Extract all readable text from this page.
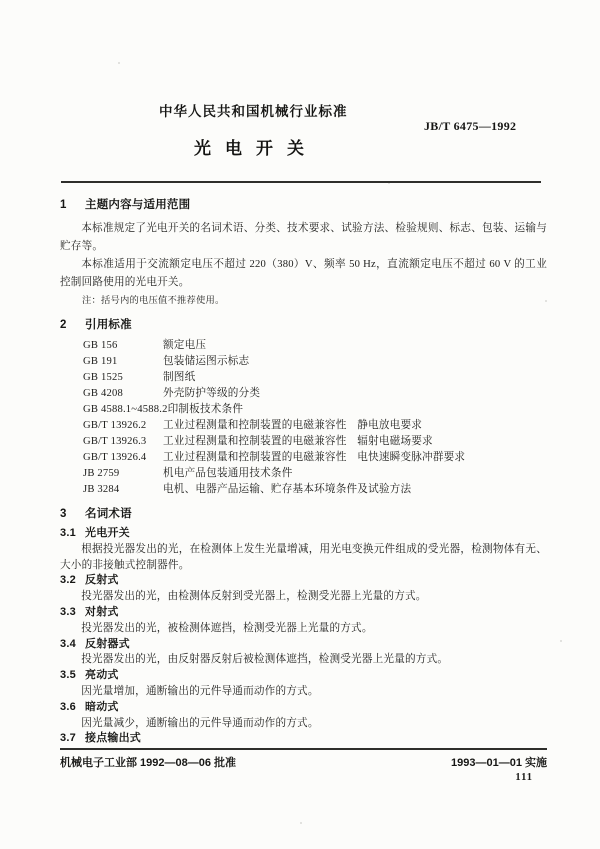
中华人民共和国机械行业标准
JB/T 6475—1992
光电开关
1 主题内容与适用范围

本标准规定了光电开关的名词术语、分类、技术要求、试验方法、检验规则、标志、包装、运输与贮存等。

本标准适用于交流额定电压不超过 220（380）V、频率 50 Hz，直流额定电压不超过 60 V 的工业控制回路使用的光电开关。

注：括号内的电压值不推荐使用。

2 引用标准
GB 156	额定电压
GB 191	包装储运图示标志
GB 1525	制图纸
GB 4208	外壳防护等级的分类
GB 4588.1~4588.2印制板技术条件
GB/T 13926.2 工业过程测量和控制装置的电磁兼容性　静电放电要求
GB/T 13926.3 工业过程测量和控制装置的电磁兼容性　辐射电磁场要求
GB/T 13926.4 工业过程测量和控制装置的电磁兼容性　电快速瞬变脉冲群要求
JB 2759	机电产品包装通用技术条件
JB 3284	电机、电器产品运输、贮存基本环境条件及试验方法
3 名词术语
3.1 光电开关

根据投光器发出的光，在检测体上发生光量增减，用光电变换元件组成的受光器，检测物体有无、大小的非接触式控制器件。

3.2 反射式

投光器发出的光，由检测体反射到受光器上，检测受光器上光量的方式。

3.3 对射式

投光器发出的光，被检测体遮挡，检测受光器上光量的方式。

3.4 反射器式

投光器发出的光，由反射器反射后被检测体遮挡，检测受光器上光量的方式。

3.5 亮动式

因光量增加，通断输出的元件导通而动作的方式。

3.6 暗动式

因光量减少，通断输出的元件导通而动作的方式。

3.7 接点输出式
机械电子工业部 1992—08—06 批准	1993—01—01 实施
111
